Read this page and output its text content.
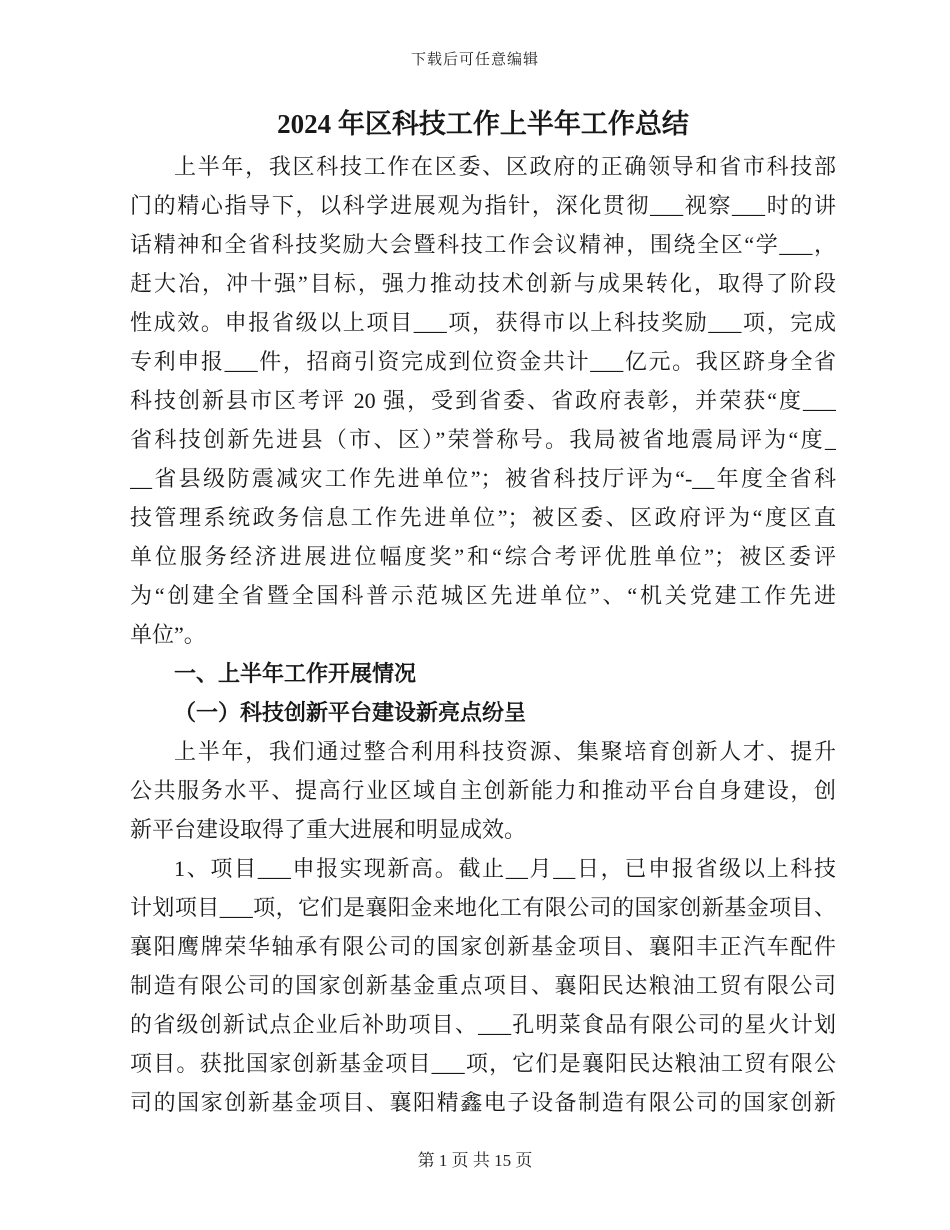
下载后可任意编辑
2024 年区科技工作上半年工作总结
上半年，我区科技工作在区委、区政府的正确领导和省市科技部
门的精心指导下，以科学进展观为指针，深化贯彻___视察___时的讲
话精神和全省科技奖励大会暨科技工作会议精神，围绕全区“学___，
赶大冶，冲十强”目标，强力推动技术创新与成果转化，取得了阶段
性成效。申报省级以上项目___项，获得市以上科技奖励___项，完成
专利申报___件，招商引资完成到位资金共计___亿元。我区跻身全省
科技创新县市区考评 20 强，受到省委、省政府表彰，并荣获“度___
省科技创新先进县（市、区）”荣誉称号。我局被省地震局评为“度_
__省县级防震减灾工作先进单位”；被省科技厅评为“-__年度全省科
技管理系统政务信息工作先进单位”；被区委、区政府评为“度区直
单位服务经济进展进位幅度奖”和“综合考评优胜单位”；被区委评
为“创建全省暨全国科普示范城区先进单位”、“机关党建工作先进
单位”。
一、上半年工作开展情况
（一）科技创新平台建设新亮点纷呈
上半年，我们通过整合利用科技资源、集聚培育创新人才、提升
公共服务水平、提高行业区域自主创新能力和推动平台自身建设，创
新平台建设取得了重大进展和明显成效。
1、项目___申报实现新高。截止__月__日，已申报省级以上科技
计划项目___项，它们是襄阳金来地化工有限公司的国家创新基金项目、
襄阳鹰牌荣华轴承有限公司的国家创新基金项目、襄阳丰正汽车配件
制造有限公司的国家创新基金重点项目、襄阳民达粮油工贸有限公司
的省级创新试点企业后补助项目、___孔明菜食品有限公司的星火计划
项目。获批国家创新基金项目___项，它们是襄阳民达粮油工贸有限公
司的国家创新基金项目、襄阳精鑫电子设备制造有限公司的国家创新
第 1 页 共 15 页
